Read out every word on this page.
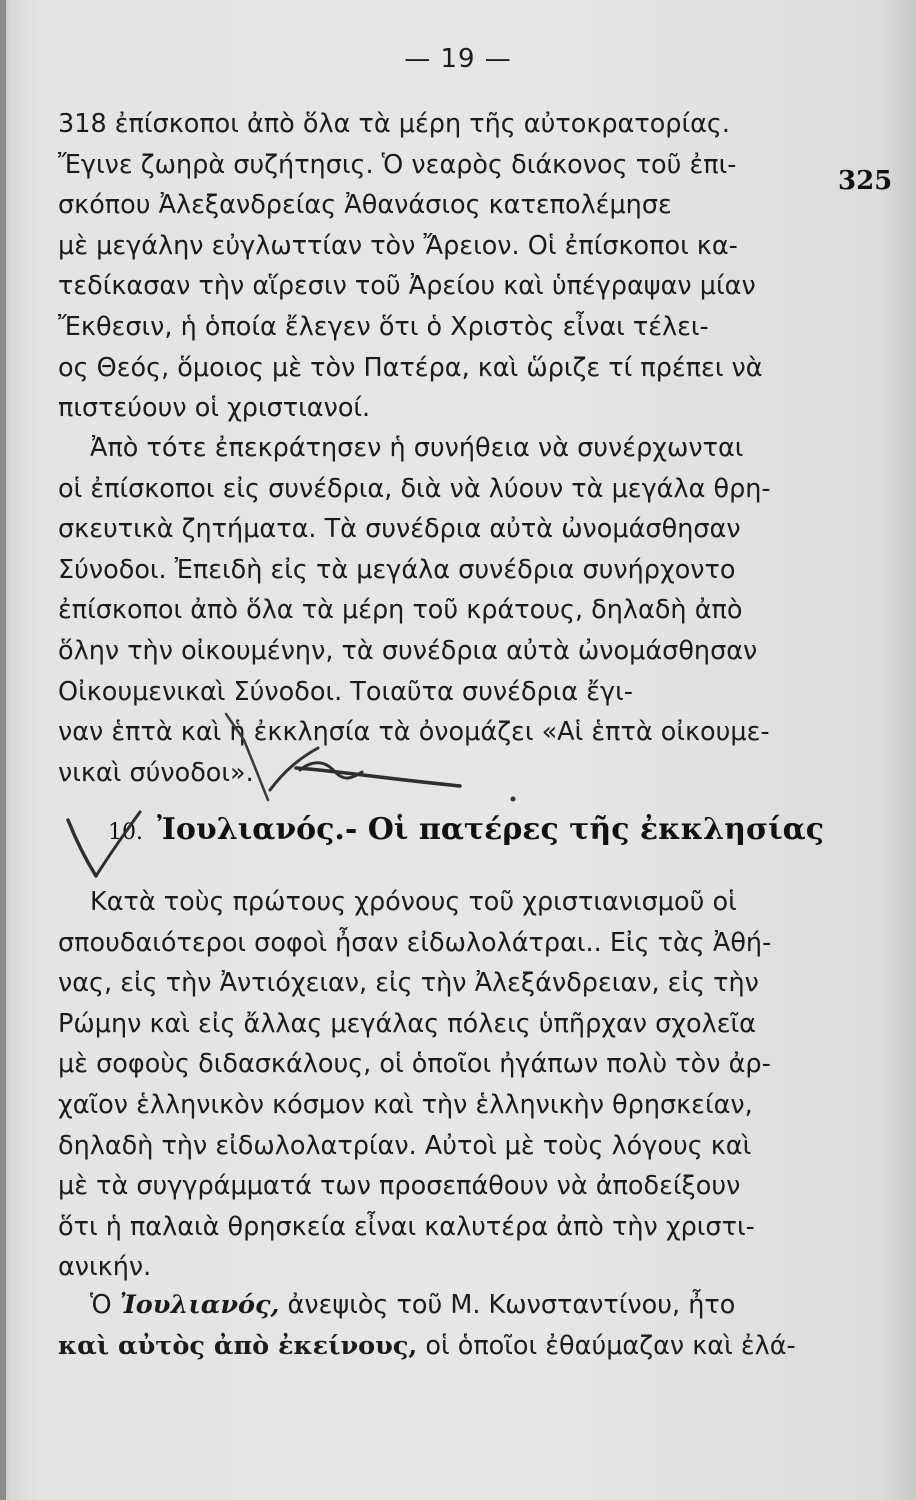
— 19 —
325
318 ἐπίσκοποι ἀπὸ ὅλα τὰ μέρη τῆς αὐτοκρατορίας.
Ἔγινε ζωηρὰ συζήτησις. Ὁ νεαρὸς διάκονος τοῦ ἐπι-
σκόπου Ἀλεξανδρείας Ἀθανάσιος κατεπολέμησε
μὲ μεγάλην εὐγλωττίαν τὸν Ἄρειον. Οἱ ἐπίσκοποι κα-
τεδίκασαν τὴν αἵρεσιν τοῦ Ἀρείου καὶ ὑπέγραψαν μίαν
Ἔκθεσιν, ἡ ὁποία ἔλεγεν ὅτι ὁ Χριστὸς εἶναι τέλει-
ος Θεός, ὅμοιος μὲ τὸν Πατέρα, καὶ ὥριζε τί πρέπει νὰ
πιστεύουν οἱ χριστιανοί.
Ἀπὸ τότε ἐπεκράτησεν ἡ συνήθεια νὰ συνέρχωνται
οἱ ἐπίσκοποι εἰς συνέδρια, διὰ νὰ λύουν τὰ μεγάλα θρη-
σκευτικὰ ζητήματα. Τὰ συνέδρια αὐτὰ ὠνομάσθησαν
Σύνοδοι. Ἐπειδὴ εἰς τὰ μεγάλα συνέδρια συνήρχοντο
ἐπίσκοποι ἀπὸ ὅλα τὰ μέρη τοῦ κράτους, δηλαδὴ ἀπὸ
ὅλην τὴν οἰκουμένην, τὰ συνέδρια αὐτὰ ὠνομάσθησαν
Οἰκουμενικαὶ Σύνοδοι. Τοιαῦτα συνέδρια ἔγι-
ναν ἑπτὰ καὶ ἡ ἐκκλησία τὰ ὀνομάζει «Αἱ ἑπτὰ οἰκουμε-
νικαὶ σύνοδοι».
10. Ἰουλιανός.- Οἱ πατέρες τῆς ἐκκλησίας
Κατὰ τοὺς πρώτους χρόνους τοῦ χριστιανισμοῦ οἱ
σπουδαιότεροι σοφοὶ ἦσαν εἰδωλολάτραι.. Εἰς τὰς Ἀθή-
νας, εἰς τὴν Ἀντιόχειαν, εἰς τὴν Ἀλεξάνδρειαν, εἰς τὴν
Ρώμην καὶ εἰς ἄλλας μεγάλας πόλεις ὑπῆρχαν σχολεῖα
μὲ σοφοὺς διδασκάλους, οἱ ὁποῖοι ἠγάπων πολὺ τὸν ἀρ-
χαῖον ἑλληνικὸν κόσμον καὶ τὴν ἑλληνικὴν θρησκείαν,
δηλαδὴ τὴν εἰδωλολατρίαν. Αὐτοὶ μὲ τοὺς λόγους καὶ
μὲ τὰ συγγράμματά των προσεπάθουν νὰ ἀποδείξουν
ὅτι ἡ παλαιὰ θρησκεία εἶναι καλυτέρα ἀπὸ τὴν χριστι-
ανικήν.
Ὁ Ἰουλιανός, ἀνεψιὸς τοῦ Μ. Κωνσταντίνου, ἦτο
καὶ αὐτὸς ἀπὸ ἐκείνους, οἱ ὁποῖοι ἐθαύμαζαν καὶ ἐλά-
